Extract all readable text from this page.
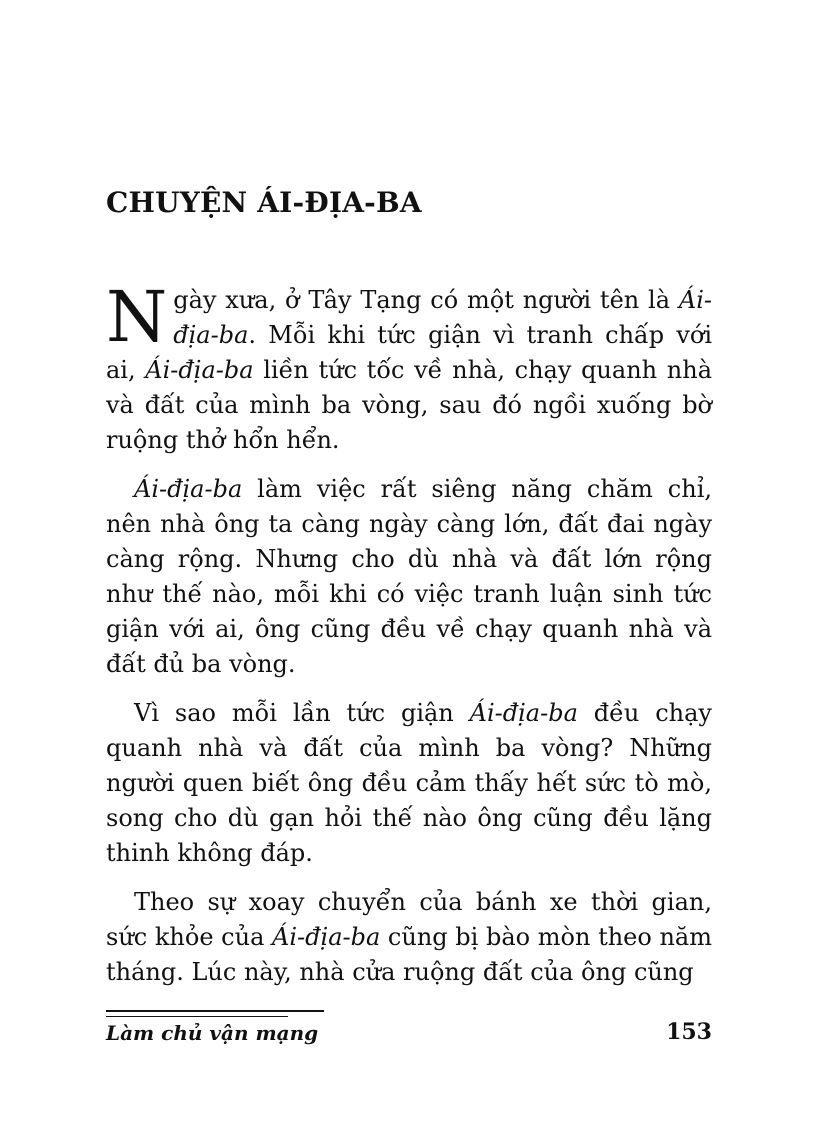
CHUYỆN ÁI-ĐỊA-BA

Ngày xưa, ở Tây Tạng có một người tên là Ái-địa-ba. Mỗi khi tức giận vì tranh chấp với ai, Ái-địa-ba liền tức tốc về nhà, chạy quanh nhà và đất của mình ba vòng, sau đó ngồi xuống bờ ruộng thở hổn hển.

Ái-địa-ba làm việc rất siêng năng chăm chỉ, nên nhà ông ta càng ngày càng lớn, đất đai ngày càng rộng. Nhưng cho dù nhà và đất lớn rộng như thế nào, mỗi khi có việc tranh luận sinh tức giận với ai, ông cũng đều về chạy quanh nhà và đất đủ ba vòng.

Vì sao mỗi lần tức giận Ái-địa-ba đều chạy quanh nhà và đất của mình ba vòng? Những người quen biết ông đều cảm thấy hết sức tò mò, song cho dù gạn hỏi thế nào ông cũng đều lặng thinh không đáp.

Theo sự xoay chuyển của bánh xe thời gian, sức khỏe của Ái-địa-ba cũng bị bào mòn theo năm tháng. Lúc này, nhà cửa ruộng đất của ông cũng

Làm chủ vận mạng	153
